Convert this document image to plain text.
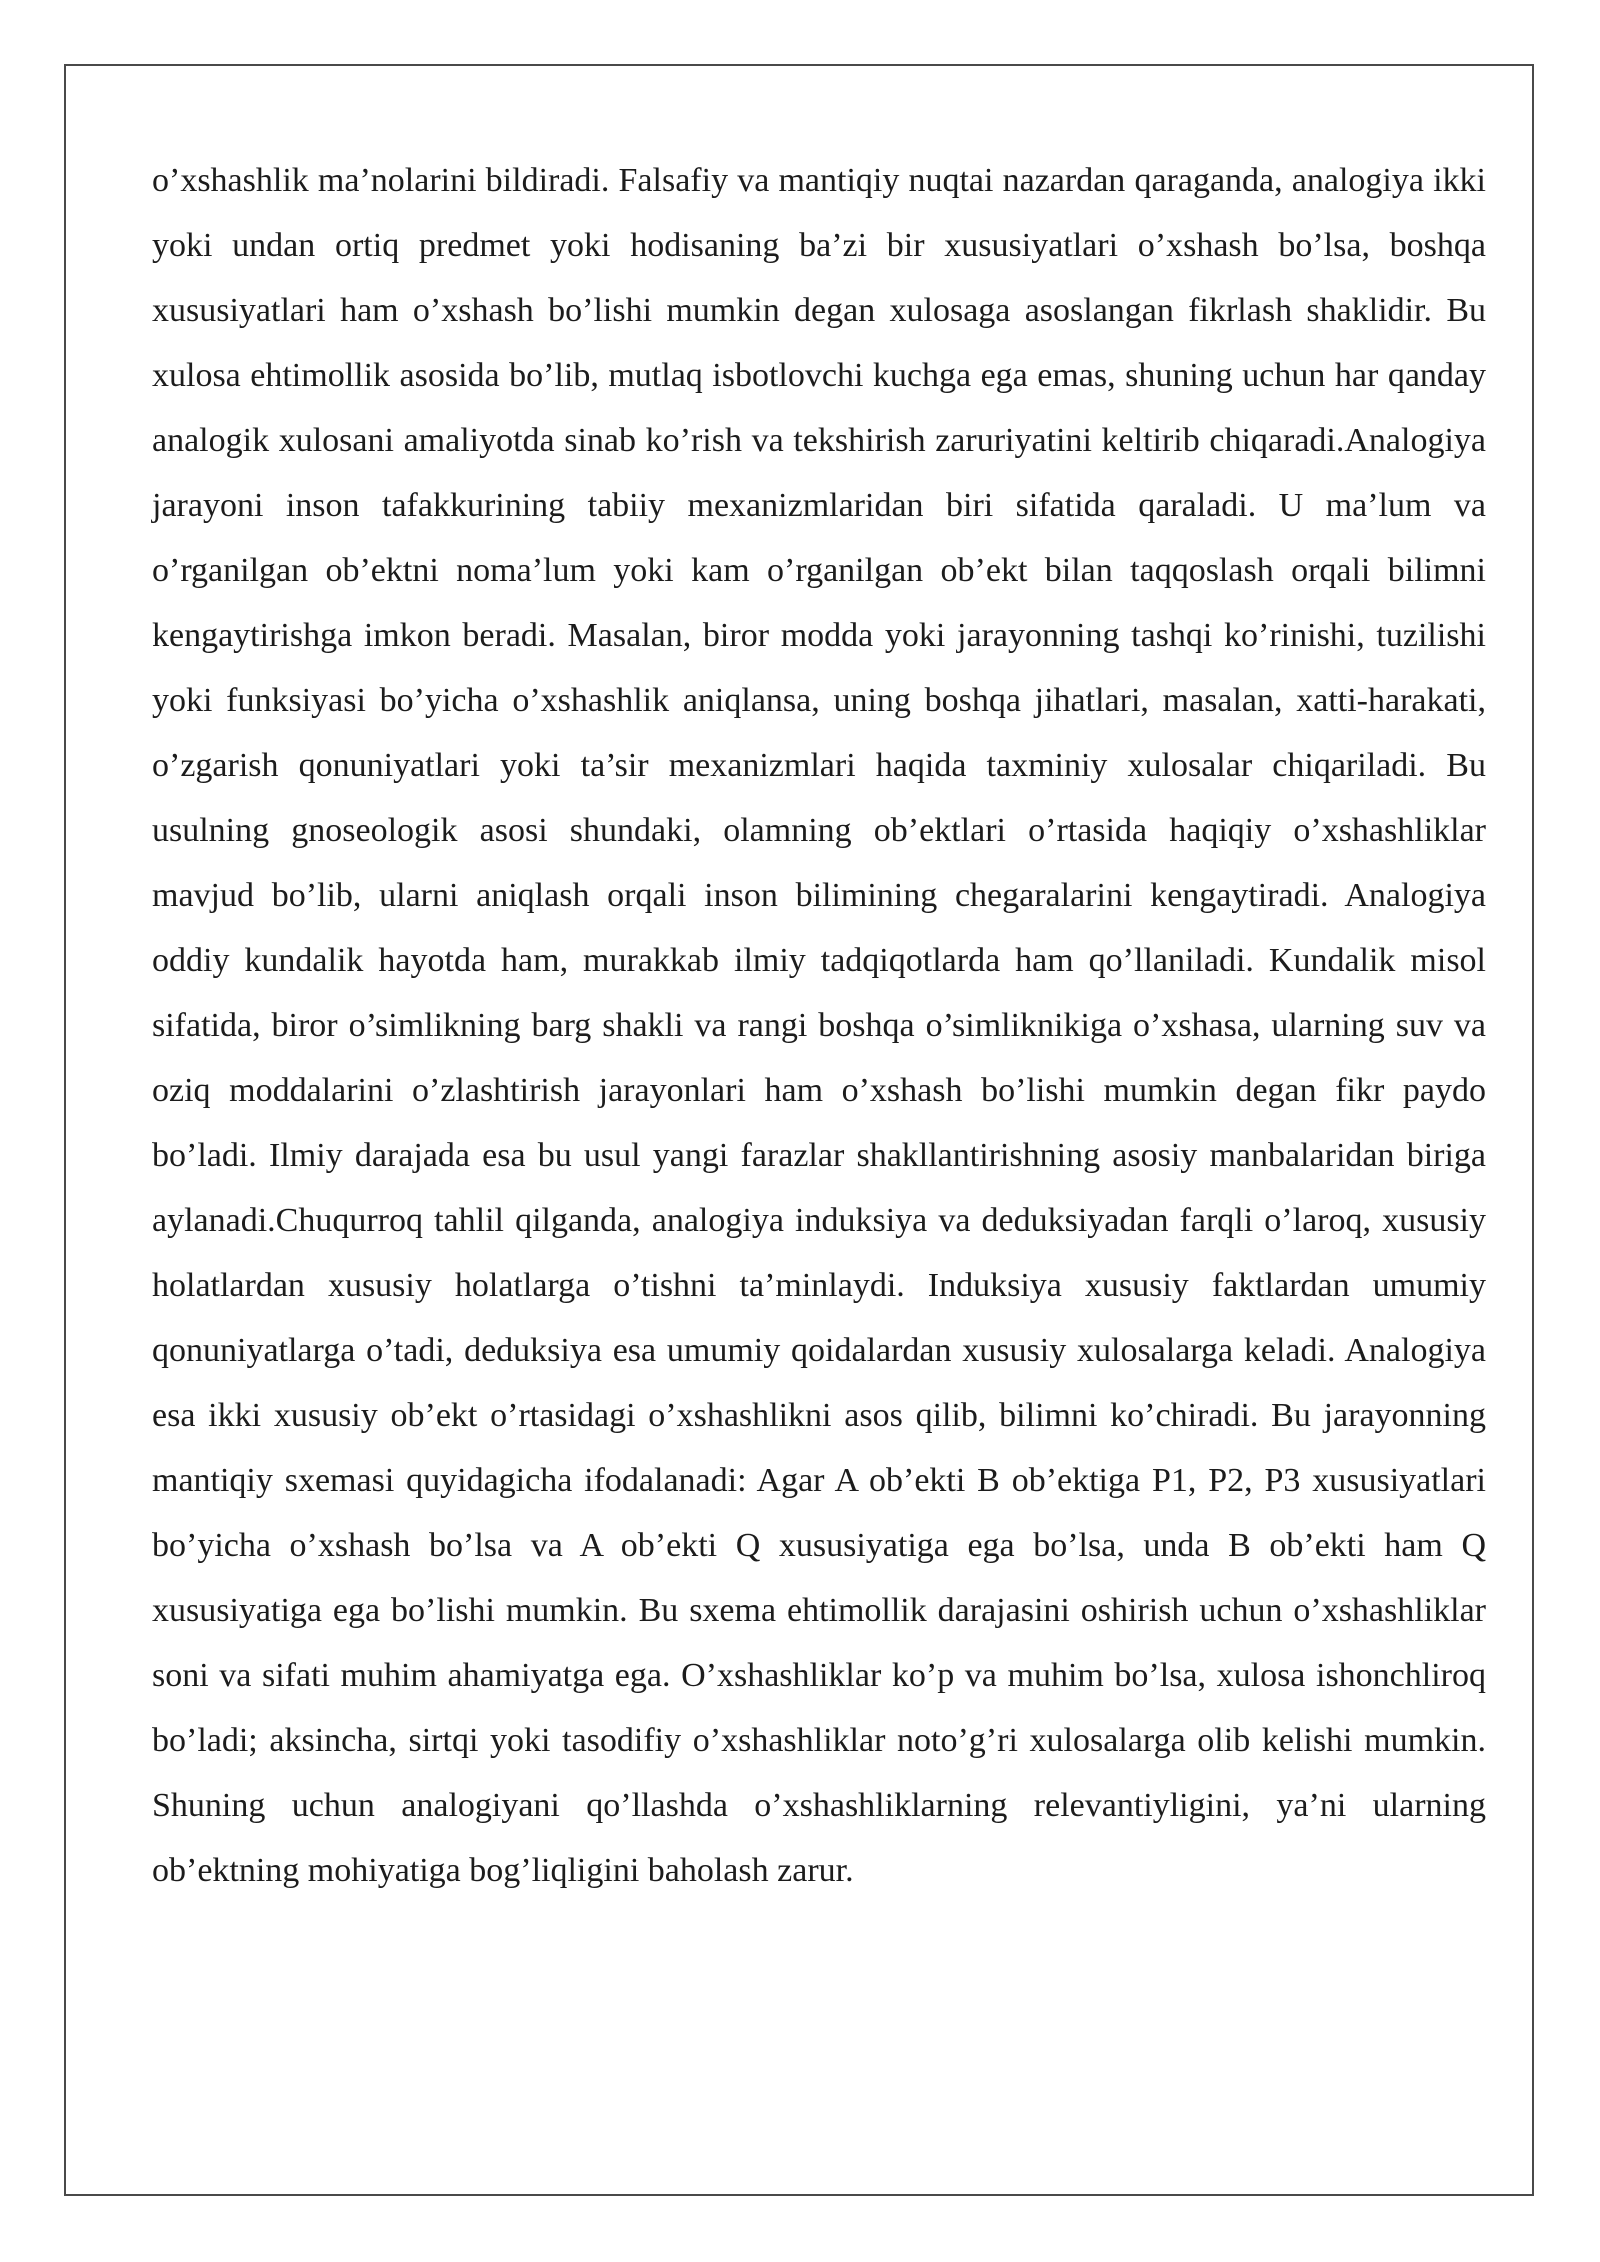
o’xshashlik ma’nolarini bildiradi. Falsafiy va mantiqiy nuqtai nazardan qaraganda, analogiya ikki yoki undan ortiq predmet yoki hodisaning ba’zi bir xususiyatlari o’xshash bo’lsa, boshqa xususiyatlari ham o’xshash bo’lishi mumkin degan xulosaga asoslangan fikrlash shaklidir. Bu xulosa ehtimollik asosida bo’lib, mutlaq isbotlovchi kuchga ega emas, shuning uchun har qanday analogik xulosani amaliyotda sinab ko’rish va tekshirish zaruriyatini keltirib chiqaradi.Analogiya jarayoni inson tafakkurining tabiiy mexanizmlaridan biri sifatida qaraladi. U ma’lum va o’rganilgan ob’ektni noma’lum yoki kam o’rganilgan ob’ekt bilan taqqoslash orqali bilimni kengaytirishga imkon beradi. Masalan, biror modda yoki jarayonning tashqi ko’rinishi, tuzilishi yoki funksiyasi bo’yicha o’xshashlik aniqlansa, uning boshqa jihatlari, masalan, xatti-harakati, o’zgarish qonuniyatlari yoki ta’sir mexanizmlari haqida taxminiy xulosalar chiqariladi. Bu usulning gnoseologik asosi shundaki, olamning ob’ektlari o’rtasida haqiqiy o’xshashliklar mavjud bo’lib, ularni aniqlash orqali inson bilimining chegaralarini kengaytiradi. Analogiya oddiy kundalik hayotda ham, murakkab ilmiy tadqiqotlarda ham qo’llaniladi. Kundalik misol sifatida, biror o’simlikning barg shakli va rangi boshqa o’simliknikiga o’xshasa, ularning suv va oziq moddalarini o’zlashtirish jarayonlari ham o’xshash bo’lishi mumkin degan fikr paydo bo’ladi. Ilmiy darajada esa bu usul yangi farazlar shakllantirishning asosiy manbalaridan biriga aylanadi.Chuqurroq tahlil qilganda, analogiya induksiya va deduksiyadan farqli o’laroq, xususiy holatlardan xususiy holatlarga o’tishni ta’minlaydi. Induksiya xususiy faktlardan umumiy qonuniyatlarga o’tadi, deduksiya esa umumiy qoidalardan xususiy xulosalarga keladi. Analogiya esa ikki xususiy ob’ekt o’rtasidagi o’xshashlikni asos qilib, bilimni ko’chiradi. Bu jarayonning mantiqiy sxemasi quyidagicha ifodalanadi: Agar A ob’ekti B ob’ektiga P1, P2, P3 xususiyatlari bo’yicha o’xshash bo’lsa va A ob’ekti Q xususiyatiga ega bo’lsa, unda B ob’ekti ham Q xususiyatiga ega bo’lishi mumkin. Bu sxema ehtimollik darajasini oshirish uchun o’xshashliklar soni va sifati muhim ahamiyatga ega. O’xshashliklar ko’p va muhim bo’lsa, xulosa ishonchliroq bo’ladi; aksincha, sirtqi yoki tasodifiy o’xshashliklar noto’g’ri xulosalarga olib kelishi mumkin. Shuning uchun analogiyani qo’llashda o’xshashliklarning relevantiyligini, ya’ni ularning ob’ektning mohiyatiga bog’liqligini baholash zarur.
